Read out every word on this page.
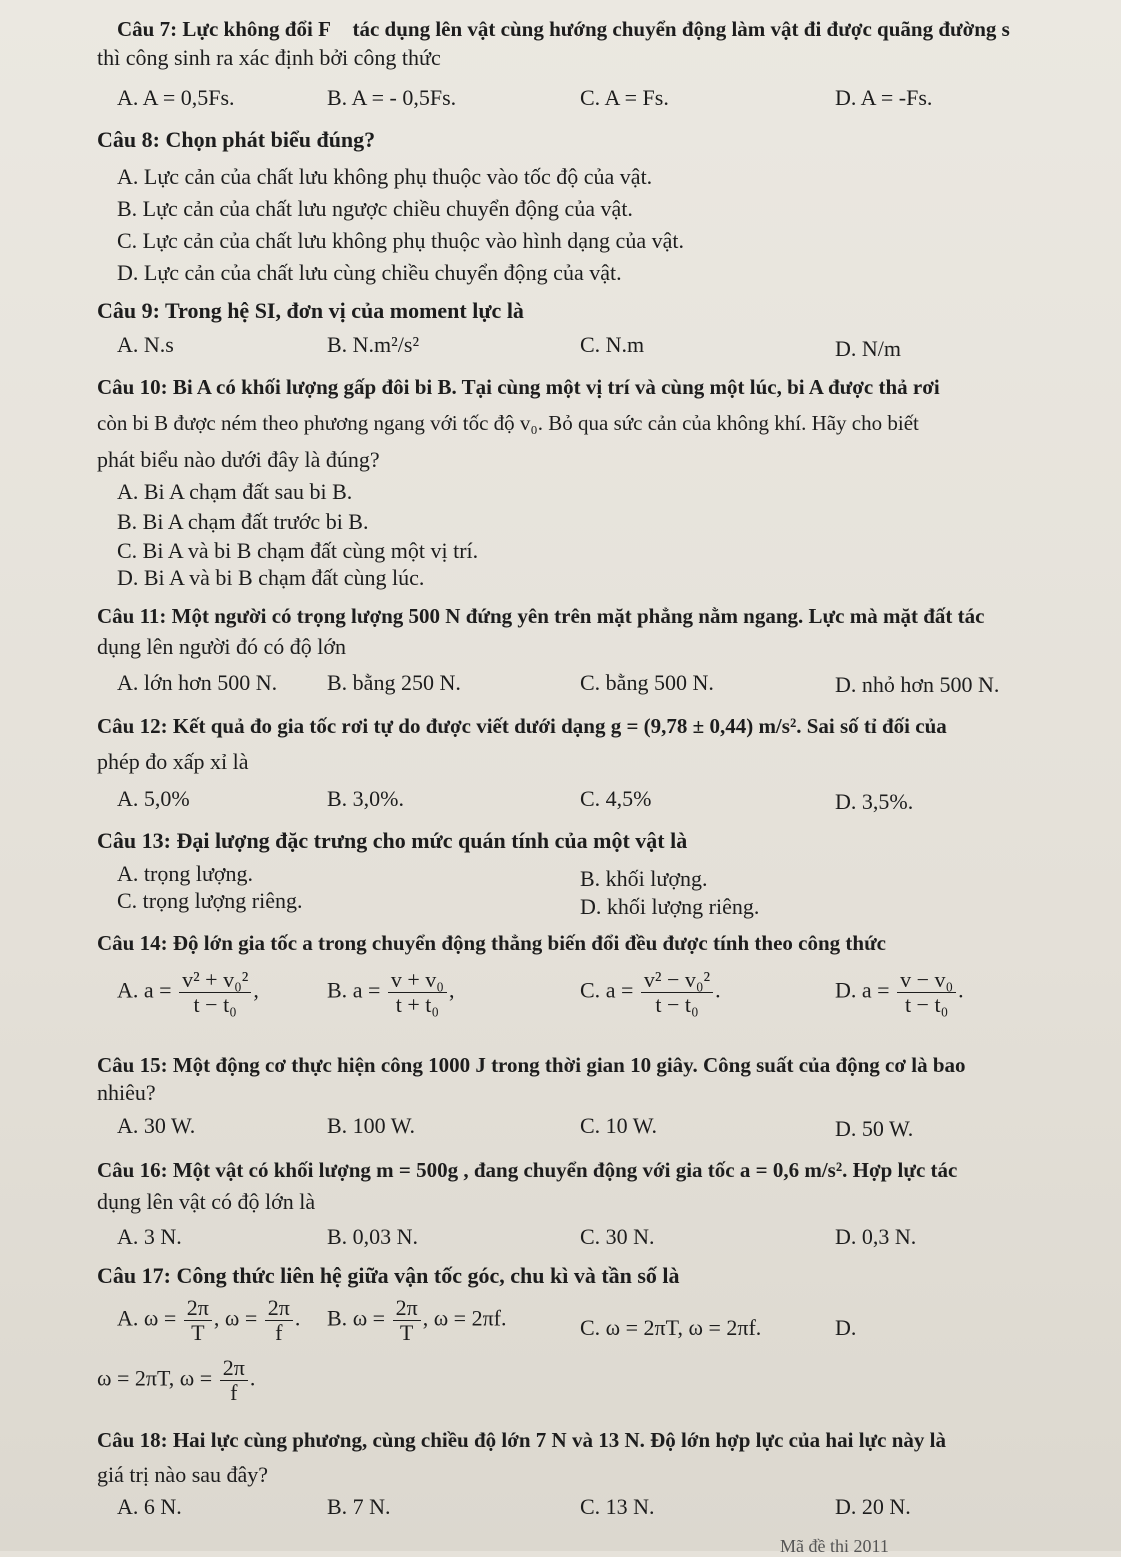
Câu 7: Lực không đổi F⃗ tác dụng lên vật cùng hướng chuyển động làm vật đi được quãng đường s
thì công sinh ra xác định bởi công thức
A. A = 0,5Fs.	B. A = - 0,5Fs.	C. A = Fs.	D. A = -Fs.
Câu 8: Chọn phát biểu đúng?
A. Lực cản của chất lưu không phụ thuộc vào tốc độ của vật.
B. Lực cản của chất lưu ngược chiều chuyển động của vật.
C. Lực cản của chất lưu không phụ thuộc vào hình dạng của vật.
D. Lực cản của chất lưu cùng chiều chuyển động của vật.
Câu 9: Trong hệ SI, đơn vị của moment lực là
A. N.s	B. N.m²/s²	C. N.m	D. N/m
Câu 10: Bi A có khối lượng gấp đôi bi B. Tại cùng một vị trí và cùng một lúc, bi A được thả rơi
còn bi B được ném theo phương ngang với tốc độ v₀. Bỏ qua sức cản của không khí. Hãy cho biết
phát biểu nào dưới đây là đúng?
A. Bi A chạm đất sau bi B.
B. Bi A chạm đất trước bi B.
C. Bi A và bi B chạm đất cùng một vị trí.
D. Bi A và bi B chạm đất cùng lúc.
Câu 11: Một người có trọng lượng 500 N đứng yên trên mặt phẳng nằm ngang. Lực mà mặt đất tác
dụng lên người đó có độ lớn
A. lớn hơn 500 N. B. bằng 250 N.	C. bằng 500 N.	D. nhỏ hơn 500 N.
Câu 12: Kết quả đo gia tốc rơi tự do được viết dưới dạng g = (9,78 ± 0,44) m/s². Sai số tỉ đối của
phép đo xấp xỉ là
A. 5,0%	B. 3,0%.	C. 4,5%	D. 3,5%.
Câu 13: Đại lượng đặc trưng cho mức quán tính của một vật là
A. trọng lượng.	B. khối lượng.
C. trọng lượng riêng.	D. khối lượng riêng.
Câu 14: Độ lớn gia tốc a trong chuyển động thẳng biến đổi đều được tính theo công thức
A. $a = \frac{\text{v² + v₀²}}{\text{t − t₀}}$ ,	B. $a = \frac{\text{v + v₀}}{\text{t + t₀}}$ ,	C. $a = \frac{\text{v² − v₀²}}{\text{t − t₀}}$ .	D. $a = \frac{\text{v − v₀}}{\text{t − t₀}}$ .
Câu 15: Một động cơ thực hiện công 1000 J trong thời gian 10 giây. Công suất của động cơ là bao
nhiêu?
A. 30 W.	B. 100 W.	C. 10 W.	D. 50 W.
Câu 16: Một vật có khối lượng m = 500g , đang chuyển động với gia tốc a = 0,6 m/s². Hợp lực tác
dụng lên vật có độ lớn là
A. 3 N.	B. 0,03 N.	C. 30 N.	D. 0,3 N.
Câu 17: Công thức liên hệ giữa vận tốc góc, chu kì và tần số là
A. $\omega = \frac{2\pi}{T}$ , $\omega = \frac{2\pi}{f}$ . B. $\omega = \frac{2\pi}{T}$ , ω = 2πf.	C. ω = 2πT, ω = 2πf.	D.
ω = 2πT, $\omega = \frac{2\pi}{f}$ .
Câu 18: Hai lực cùng phương, cùng chiều độ lớn 7 N và 13 N. Độ lớn hợp lực của hai lực này là
giá trị nào sau đây?
A. 6 N.	B. 7 N.	C. 13 N.	D. 20 N.
Mã đề thi 2011
